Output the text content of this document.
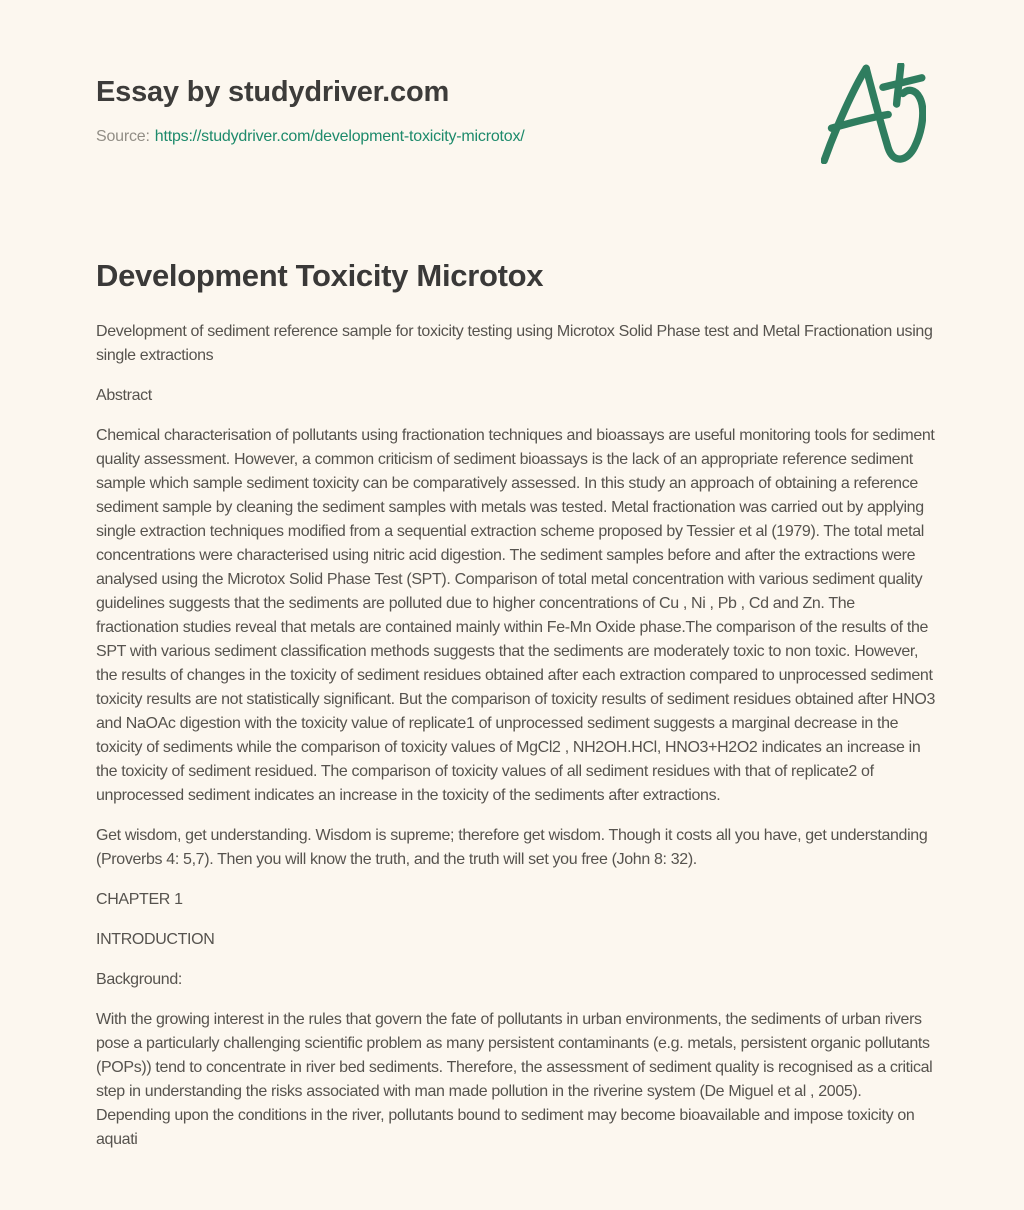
Essay by studydriver.com

Source: https://studydriver.com/development-toxicity-microtox/

Development Toxicity Microtox

Development of sediment reference sample for toxicity testing using Microtox Solid Phase test and Metal Fractionation using single extractions

Abstract

Chemical characterisation of pollutants using fractionation techniques and bioassays are useful monitoring tools for sediment quality assessment. However, a common criticism of sediment bioassays is the lack of an appropriate reference sediment sample which sample sediment toxicity can be comparatively assessed. In this study an approach of obtaining a reference sediment sample by cleaning the sediment samples with metals was tested. Metal fractionation was carried out by applying single extraction techniques modified from a sequential extraction scheme proposed by Tessier et al (1979). The total metal concentrations were characterised using nitric acid digestion. The sediment samples before and after the extractions were analysed using the Microtox Solid Phase Test (SPT). Comparison of total metal concentration with various sediment quality guidelines suggests that the sediments are polluted due to higher concentrations of Cu , Ni , Pb , Cd and Zn. The fractionation studies reveal that metals are contained mainly within Fe-Mn Oxide phase.The comparison of the results of the SPT with various sediment classification methods suggests that the sediments are moderately toxic to non toxic. However, the results of changes in the toxicity of sediment residues obtained after each extraction compared to unprocessed sediment toxicity results are not statistically significant. But the comparison of toxicity results of sediment residues obtained after HNO3 and NaOAc digestion with the toxicity value of replicate1 of unprocessed sediment suggests a marginal decrease in the toxicity of sediments while the comparison of toxicity values of MgCl2 , NH2OH.HCl, HNO3+H2O2 indicates an increase in the toxicity of sediment residued. The comparison of toxicity values of all sediment residues with that of replicate2 of unprocessed sediment indicates an increase in the toxicity of the sediments after extractions.

Get wisdom, get understanding. Wisdom is supreme; therefore get wisdom. Though it costs all you have, get understanding (Proverbs 4: 5,7). Then you will know the truth, and the truth will set you free (John 8: 32).

CHAPTER 1

INTRODUCTION

Background:

With the growing interest in the rules that govern the fate of pollutants in urban environments, the sediments of urban rivers pose a particularly challenging scientific problem as many persistent contaminants (e.g. metals, persistent organic pollutants (POPs)) tend to concentrate in river bed sediments. Therefore, the assessment of sediment quality is recognised as a critical step in understanding the risks associated with man made pollution in the riverine system (De Miguel et al , 2005). Depending upon the conditions in the river, pollutants bound to sediment may become bioavailable and impose toxicity on aquati
